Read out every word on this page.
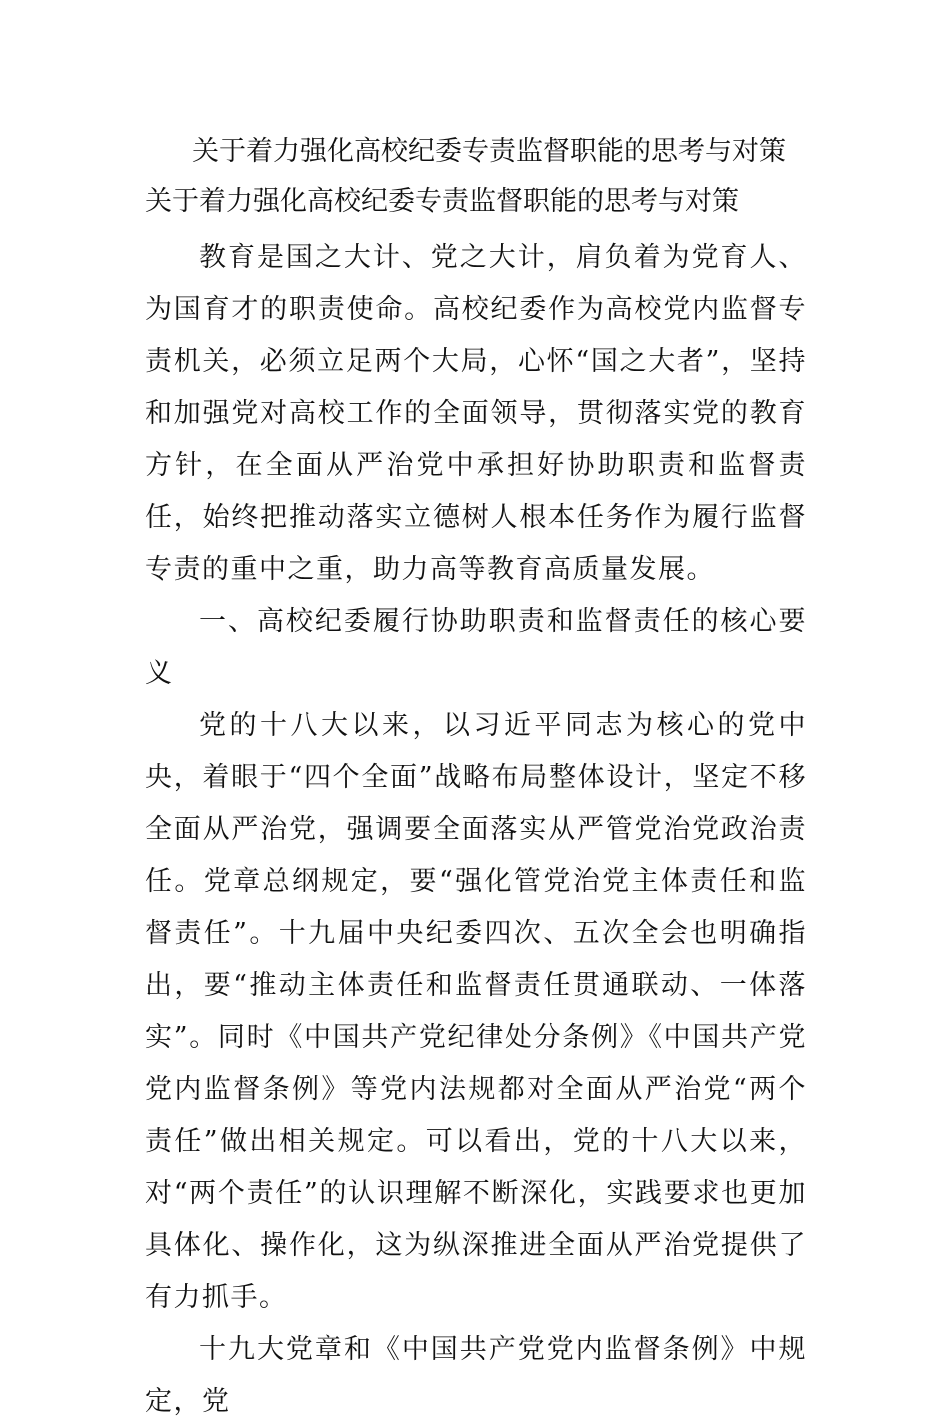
关于着力强化高校纪委专责监督职能的思考与对策
关于着力强化高校纪委专责监督职能的思考与对策

教育是国之大计、党之大计，肩负着为党育人、为国育才的职责使命。高校纪委作为高校党内监督专责机关，必须立足两个大局，心怀“国之大者”，坚持和加强党对高校工作的全面领导，贯彻落实党的教育方针，在全面从严治党中承担好协助职责和监督责任，始终把推动落实立德树人根本任务作为履行监督专责的重中之重，助力高等教育高质量发展。

一、高校纪委履行协助职责和监督责任的核心要义

党的十八大以来，以习近平同志为核心的党中央，着眼于“四个全面”战略布局整体设计，坚定不移全面从严治党，强调要全面落实从严管党治党政治责任。党章总纲规定，要“强化管党治党主体责任和监督责任”。十九届中央纪委四次、五次全会也明确指出，要“推动主体责任和监督责任贯通联动、一体落实”。同时《中国共产党纪律处分条例》《中国共产党党内监督条例》等党内法规都对全面从严治党“两个责任”做出相关规定。可以看出，党的十八大以来，对“两个责任”的认识理解不断深化，实践要求也更加具体化、操作化，这为纵深推进全面从严治党提供了有力抓手。

十九大党章和《中国共产党党内监督条例》中规定，党
